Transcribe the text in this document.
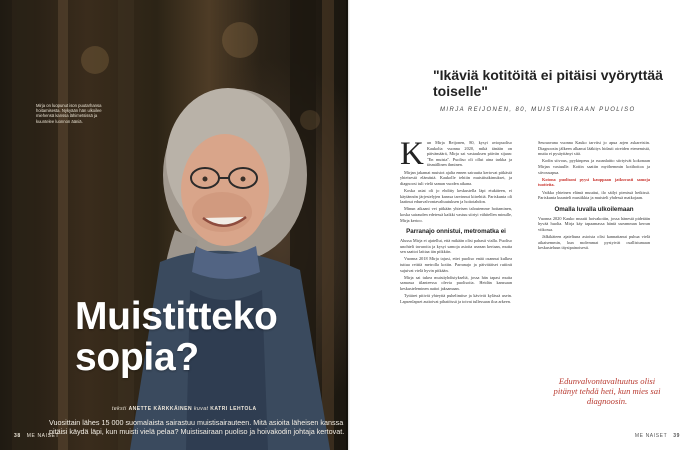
Mirja on luopunut ison puutarhansa hoitamisesta. Nykyään hän ulkoilee miehensä kanssa lähimetsissä ja kuuntelee luonnon ääniä.
Muistitteko
sopia?
teksti ANETTE KÄRKKÄINEN kuvat KATRI LEHTOLA

Vuosittain lähes 15 000 suomalaista sairastuu muistisairauteen. Mitä asioita läheisen kanssa pitäisi käydä läpi, kun muisti vielä pelaa? Muistisairaan puoliso ja hoivakodin johtaja kertovat.

38 ME NAISET
"Ikäviä kotitöitä ei pitäisi vyöryttää toiselle"
MIRJA REIJONEN, 80, MUISTISAIRAAN PUOLISO

Kun Mirja Reijonen, 80, kysyi aviopuoliso Kaukolta vuonna 2020, mikä tänään on päivämäärä, Mirja sai vastauksen päivän sijaan: "En muista". Puoliso oli ollut aina tarkka ja täsmällinen ihminen.

Mirjan jakamat muistot ajalta ennen sairautta kertovat pitkästä yhteisestä elämästä. Kaukolle tehtiin muistitutkimukset, ja diagnoosi tuli vielä saman vuoden aikana.

Koska asiat oli jo ehditty keskustella läpi etukäteen, ei käytännön järjestelyjen kanssa tarvinnut kiirehtiä. Pariskunta oli laatinut edunvalvontavaltuutuksen ja hoitotahdon.

Minun aikaani vei pitkään yhteisen taloutemme hoitaminen, koska sairauden edetessä kaikki vastuu siirtyi vähitellen minulle, Mirja kertoo.

Parranajo onnistui, metromatka ei

Alussa Mirja ei ajatellut, että mikään olisi pahasti vialla. Puoliso unohteli tavaroita ja kysyi samoja asioita useaan kertaan, mutta sen saattoi laittaa iän piikkiin.

Vuonna 2018 Mirja tajusi, ettei puoliso enää osannut kulkea tuttua reittiä metrolla kotiin. Parranajo ja päivittäiset rutiinit sujuivat vielä hyvin pitkään.

Mirja sai tukea muistiyhdistykseltä, jossa hän tapasi muita samassa tilanteessa olevia puolisoita. Heidän kanssaan keskusteleminen auttoi jaksamaan.

Tyttäret pitivät yhteyttä puhelimitse ja kävivät kylässä usein. Lapsenlapset auttoivat pihatöissä ja toivat tullessaan iloa arkeen.

Seuraavana vuonna Kauko tarvitsi jo apua arjen askareisiin. Diagnoosin jälkeen alkanut lääkitys hidasti oireiden etenemistä, mutta ei pysäyttänyt sitä.

Kodin siivous, pyykinpesu ja ruoanlaitto siirtyivät kokonaan Mirjan vastuulle. Kotiin saatiin myöhemmin kotihoitoa ja siivousapua.

Kotona puolisoni pyysi kauppaan jatkuvasti samoja tuotteita.

Vaikka yhteinen elämä muuttui, ilo säilyi pienissä hetkissä. Pariskunta kuunteli musiikkia ja muisteli yhdessä matkojaan.

Omalla luvalla ulkoilemaan

Vuonna 2020 Kauko muutti hoivakotiin, jossa hänestä pidetään hyvää huolta. Mirja käy tapaamassa häntä useamman kerran viikossa.

Jälkikäteen ajateltuna asioista olisi kannattanut puhua vielä aikaisemmin, kun molemmat pystyivät osallistumaan keskusteluun täysipainoisesti.

Edunvalvontavaltuutus olisi pitänyt tehdä heti, kun mies sai diagnoosin.

ME NAISET 39
